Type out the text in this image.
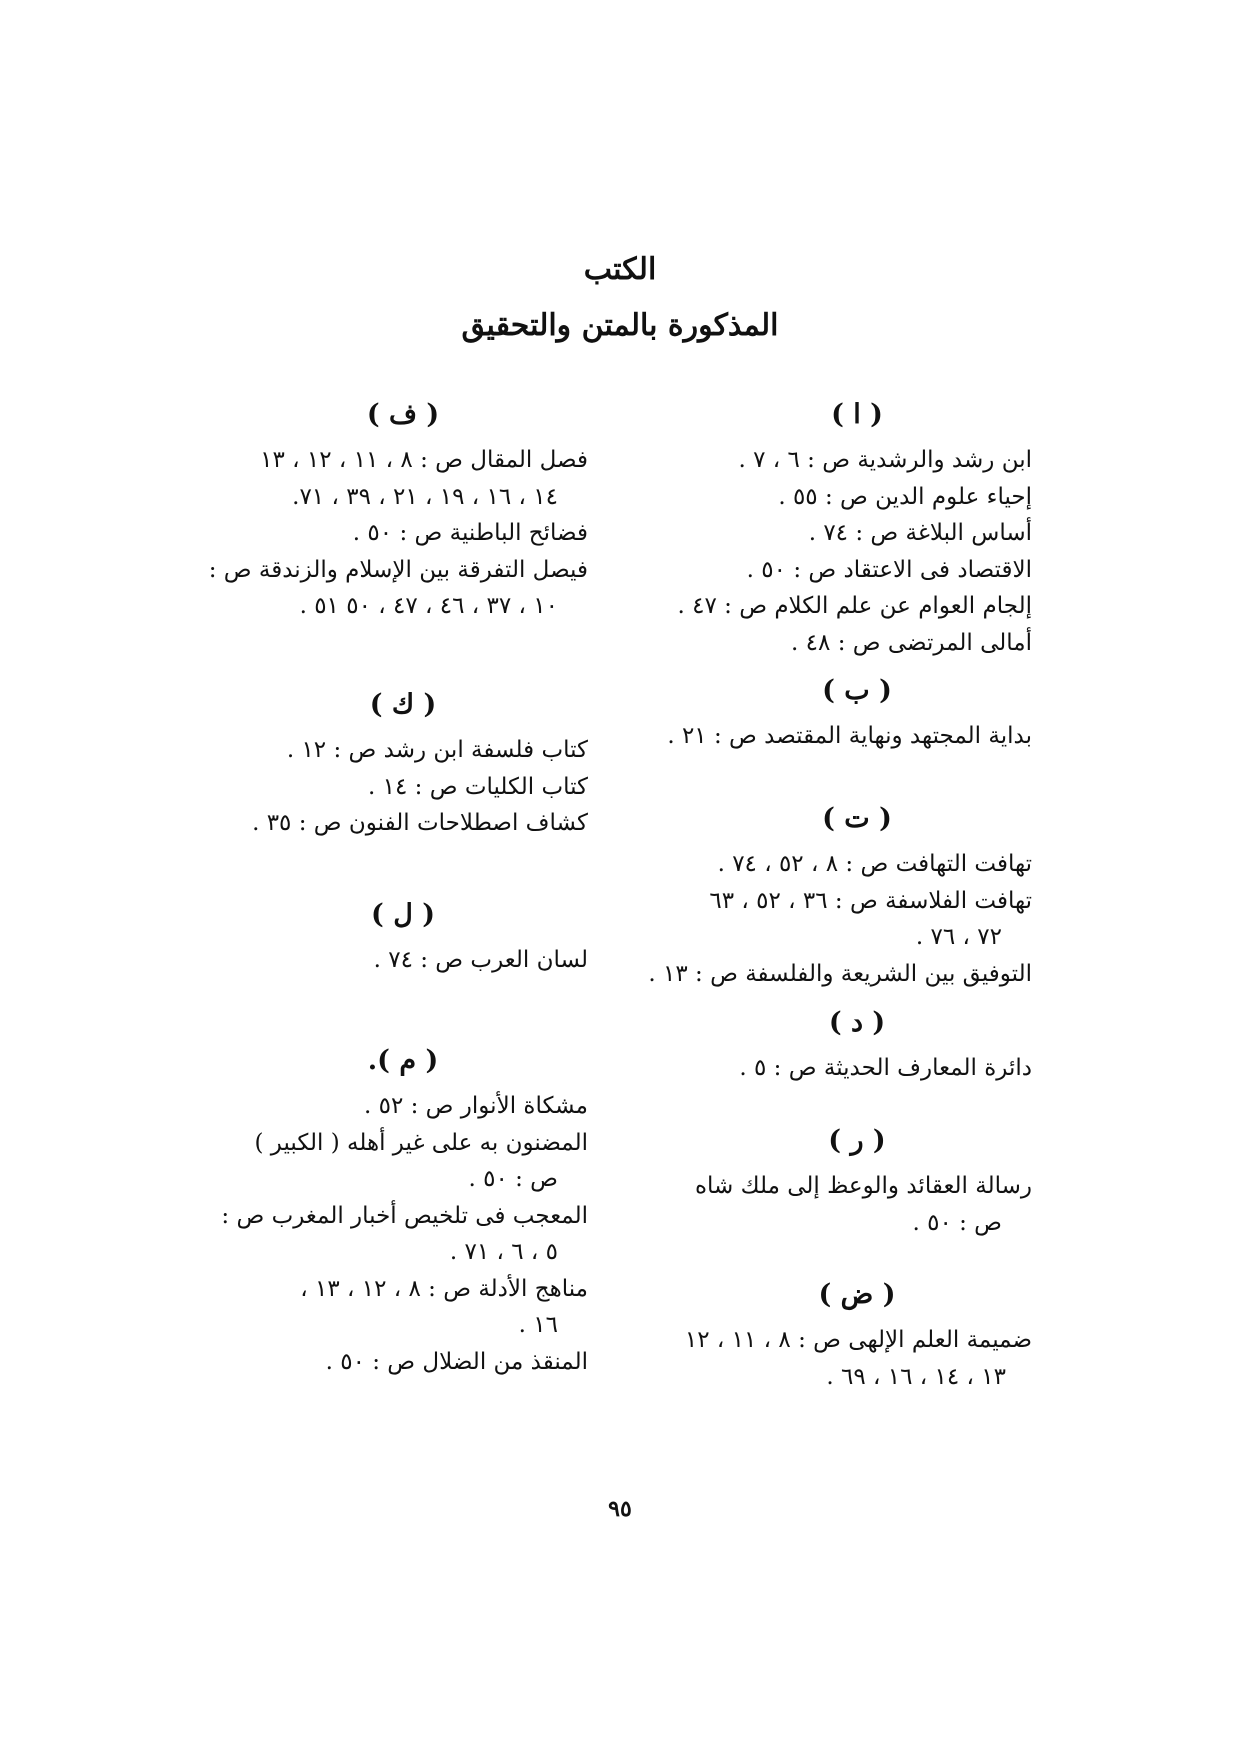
الكتب
المذكورة بالمتن والتحقيق
( ا )
ابن رشد والرشدية ص : ٦ ، ٧ .
إحياء علوم الدين ص : ٥٥ .
أساس البلاغة ص : ٧٤ .
الاقتصاد فى الاعتقاد ص : ٥٠ .
إلجام العوام عن علم الكلام ص : ٤٧ .
أمالى المرتضى ص : ٤٨ .
( ب )
بداية المجتهد ونهاية المقتصد ص : ٢١ .
( ت )
تهافت التهافت ص : ٨ ، ٥٢ ، ٧٤ .
تهافت الفلاسفة ص : ٣٦ ، ٥٢ ، ٦٣
٧٢ ، ٧٦ .
التوفيق بين الشريعة والفلسفة ص : ١٣ .
( د )
دائرة المعارف الحديثة ص : ٥ .
( ر )
رسالة العقائد والوعظ إلى ملك شاه
ص : ٥٠ .
( ض )
ضميمة العلم الإلهى ص : ٨ ، ١١ ، ١٢
١٣ ، ١٤ ، ١٦ ، ٦٩ .
( ف )
فصل المقال ص : ٨ ، ١١ ، ١٢ ، ١٣
١٤ ، ١٦ ، ١٩ ، ٢١ ، ٣٩ ، ٧١.
فضائح الباطنية ص : ٥٠ .
فيصل التفرقة بين الإسلام والزندقة ص :
١٠ ، ٣٧ ، ٤٦ ، ٤٧ ، ٥٠ ٥١ .
( ك )
كتاب فلسفة ابن رشد ص : ١٢ .
كتاب الكليات ص : ١٤ .
كشاف اصطلاحات الفنون ص : ٣٥ .
( ل )
لسان العرب ص : ٧٤ .
( م ).
مشكاة الأنوار ص : ٥٢ .
المضنون به على غير أهله ( الكبير )
ص : ٥٠ .
المعجب فى تلخيص أخبار المغرب ص :
٥ ، ٦ ، ٧١ .
مناهج الأدلة ص : ٨ ، ١٢ ، ١٣ ،
١٦ .
المنقذ من الضلال ص : ٥٠ .
٩٥
